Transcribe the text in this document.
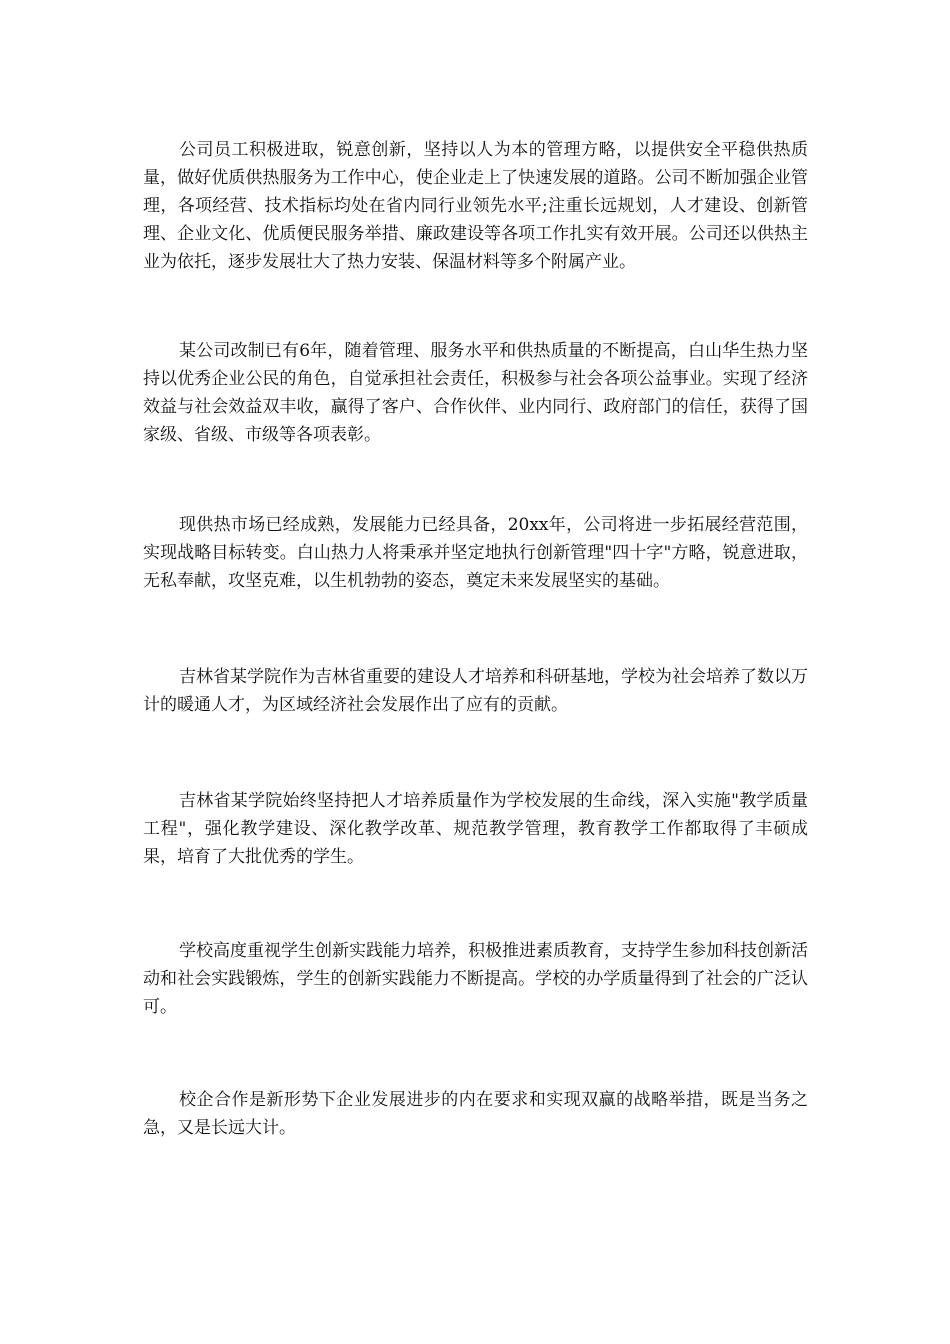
公司员工积极进取，锐意创新，坚持以人为本的管理方略，以提供安全平稳供热质量，做好优质供热服务为工作中心，使企业走上了快速发展的道路。公司不断加强企业管理，各项经营、技术指标均处在省内同行业领先水平;注重长远规划，人才建设、创新管理、企业文化、优质便民服务举措、廉政建设等各项工作扎实有效开展。公司还以供热主业为依托，逐步发展壮大了热力安装、保温材料等多个附属产业。

某公司改制已有6年，随着管理、服务水平和供热质量的不断提高，白山华生热力坚持以优秀企业公民的角色，自觉承担社会责任，积极参与社会各项公益事业。实现了经济效益与社会效益双丰收，赢得了客户、合作伙伴、业内同行、政府部门的信任，获得了国家级、省级、市级等各项表彰。

现供热市场已经成熟，发展能力已经具备，20xx年，公司将进一步拓展经营范围，实现战略目标转变。白山热力人将秉承并坚定地执行创新管理"四十字"方略，锐意进取，无私奉献，攻坚克难，以生机勃勃的姿态，奠定未来发展坚实的基础。

吉林省某学院作为吉林省重要的建设人才培养和科研基地，学校为社会培养了数以万计的暖通人才，为区域经济社会发展作出了应有的贡献。

吉林省某学院始终坚持把人才培养质量作为学校发展的生命线，深入实施"教学质量工程"，强化教学建设、深化教学改革、规范教学管理，教育教学工作都取得了丰硕成果，培育了大批优秀的学生。

学校高度重视学生创新实践能力培养，积极推进素质教育，支持学生参加科技创新活动和社会实践锻炼，学生的创新实践能力不断提高。学校的办学质量得到了社会的广泛认可。

校企合作是新形势下企业发展进步的内在要求和实现双赢的战略举措，既是当务之急，又是长远大计。
